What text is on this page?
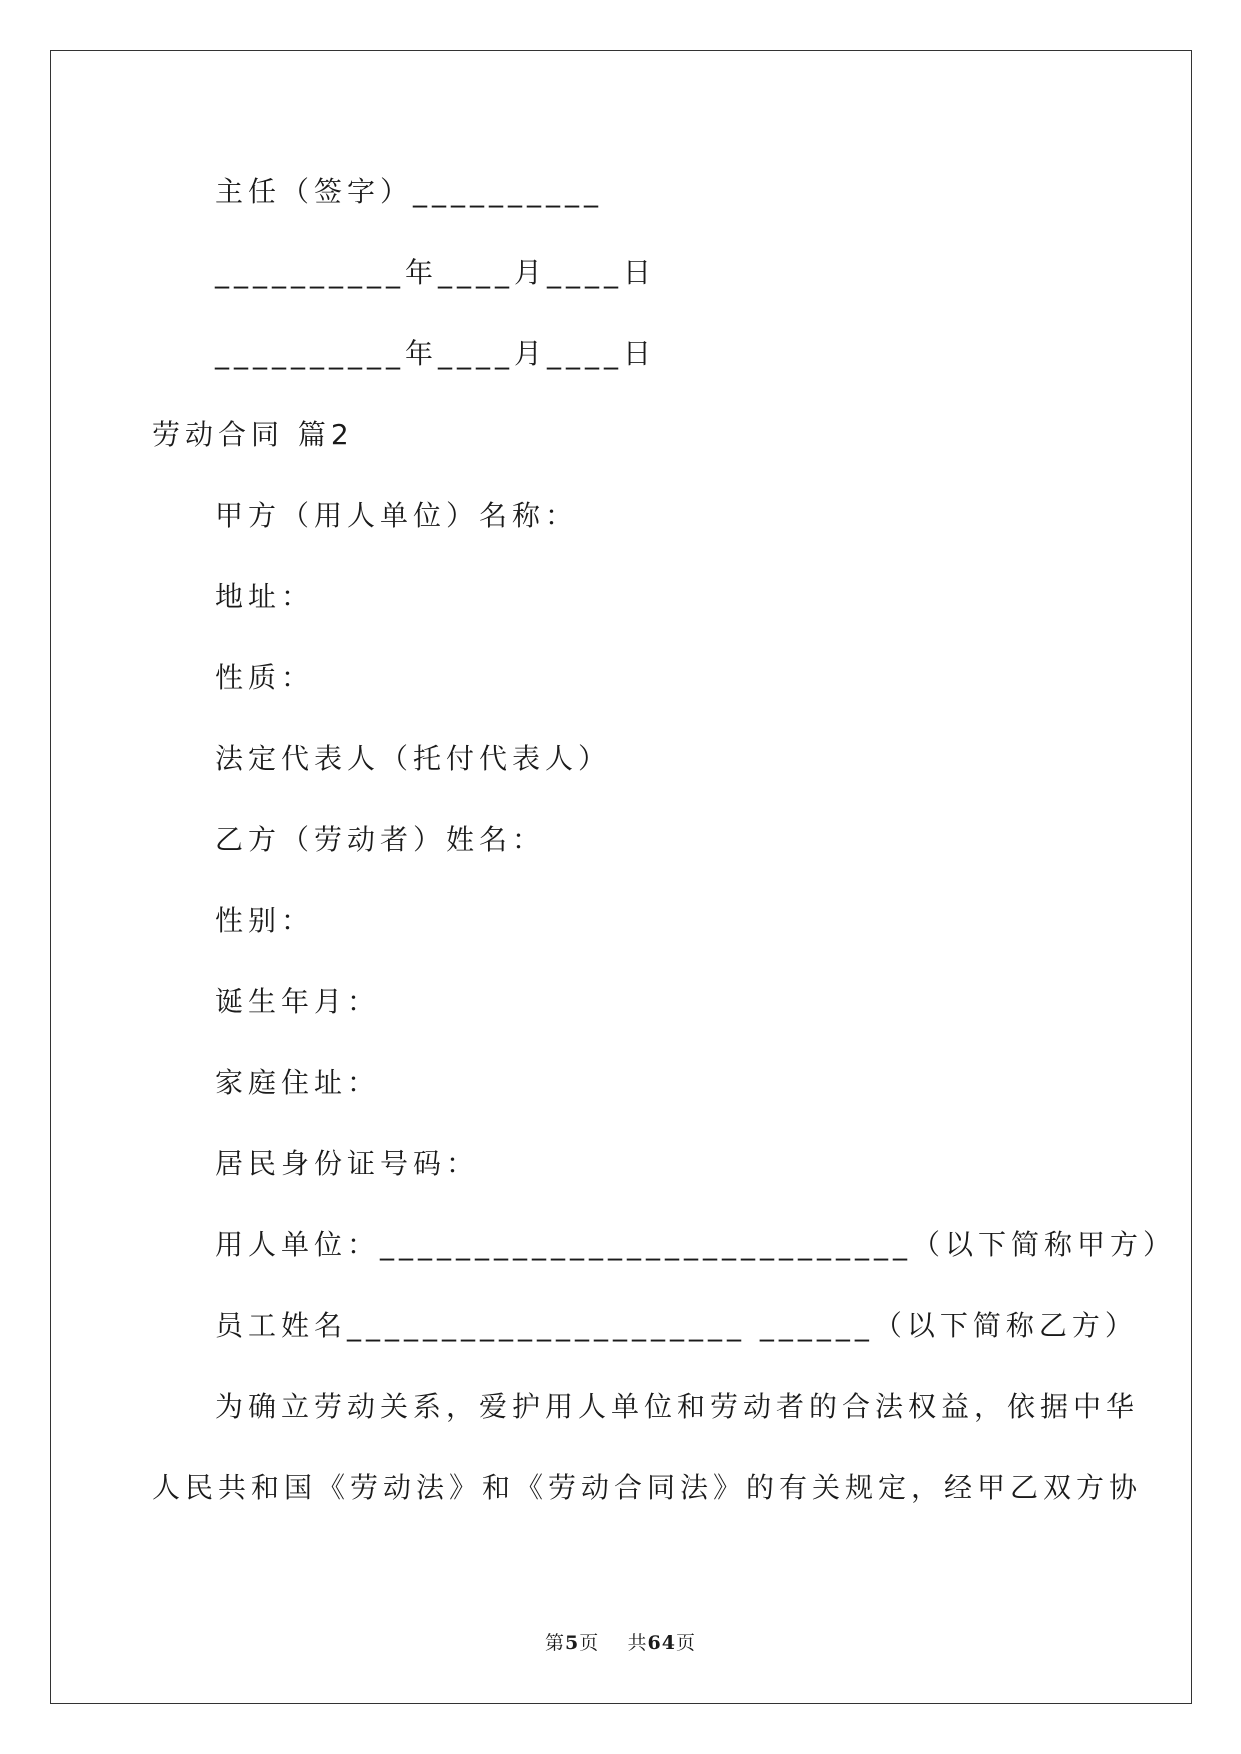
主任（签字）__________
__________年____月____日
__________年____月____日
劳动合同 篇2
甲方（用人单位）名称：
地址：
性质：
法定代表人（托付代表人）
乙方（劳动者）姓名：
性别：
诞生年月：
家庭住址：
居民身份证号码：
用人单位：____________________________（以下简称甲方）
员工姓名_____________________ ______（以下简称乙方）
为确立劳动关系，爱护用人单位和劳动者的合法权益，依据中华
人民共和国《劳动法》和《劳动合同法》的有关规定，经甲乙双方协
第5页 共64页
